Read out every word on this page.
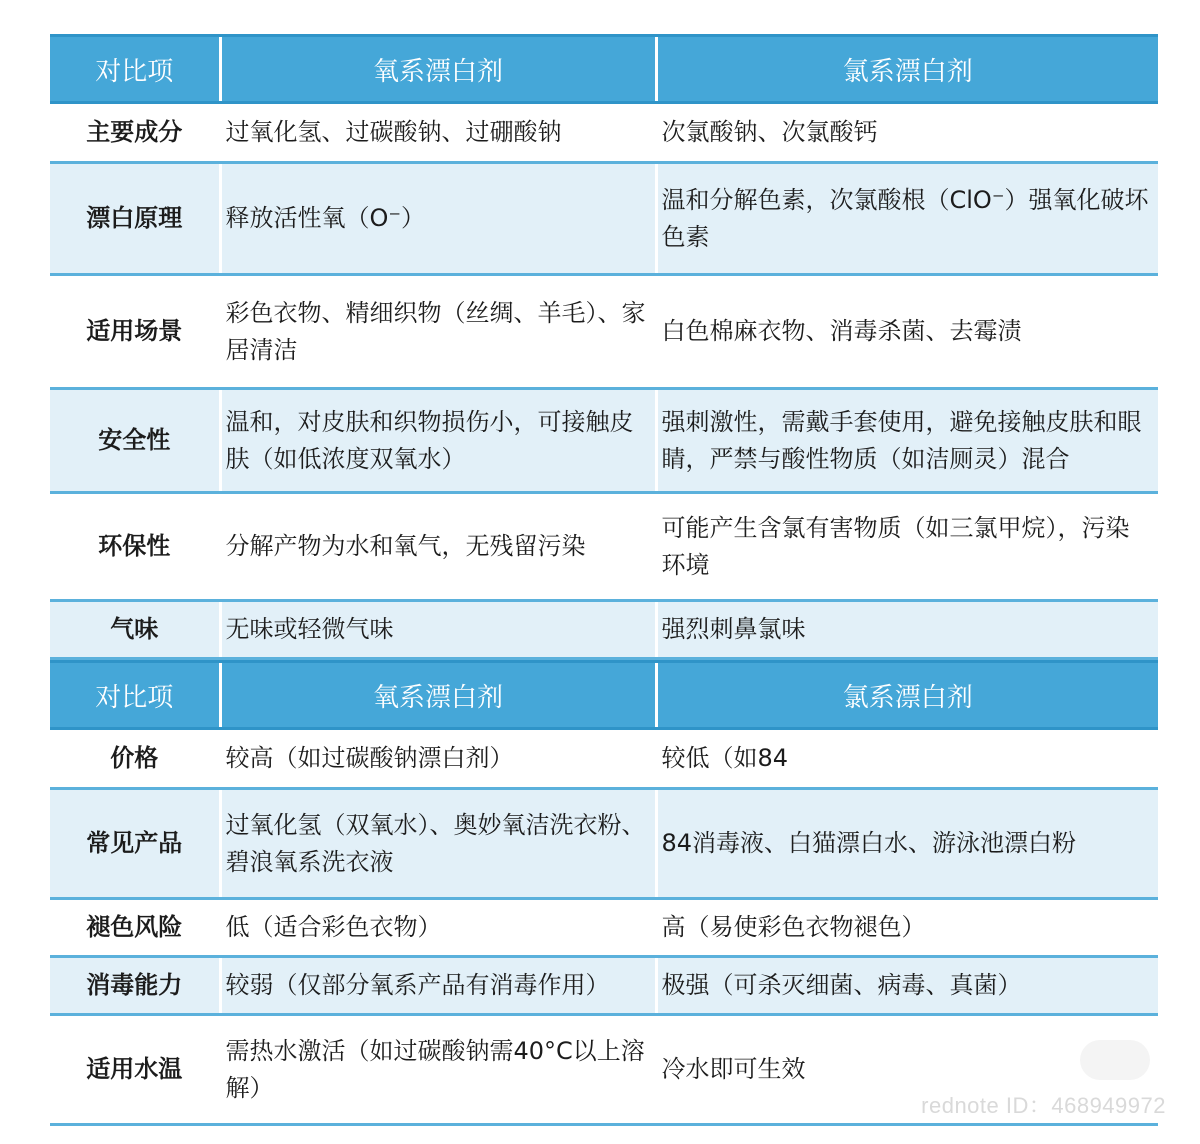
对比项	氧系漂白剂	氯系漂白剂
主要成分	过氧化氢、过碳酸钠、过硼酸钠	次氯酸钠、次氯酸钙
漂白原理	释放活性氧（O⁻）	温和分解色素，次氯酸根（ClO⁻）强氧化破坏色素
适用场景	彩色衣物、精细织物（丝绸、羊毛）、家居清洁	白色棉麻衣物、消毒杀菌、去霉渍
安全性	温和，对皮肤和织物损伤小，可接触皮肤（如低浓度双氧水）	强刺激性，需戴手套使用，避免接触皮肤和眼睛，严禁与酸性物质（如洁厕灵）混合
环保性	分解产物为水和氧气，无残留污染	可能产生含氯有害物质（如三氯甲烷），污染环境
气味	无味或轻微气味	强烈刺鼻氯味
对比项	氧系漂白剂	氯系漂白剂
价格	较高（如过碳酸钠漂白剂）	较低（如84
常见产品	过氧化氢（双氧水）、奥妙氧洁洗衣粉、碧浪氧系洗衣液	84消毒液、白猫漂白水、游泳池漂白粉
褪色风险	低（适合彩色衣物）	高（易使彩色衣物褪色）
消毒能力	较弱（仅部分氧系产品有消毒作用）	极强（可杀灭细菌、病毒、真菌）
适用水温	需热水激活（如过碳酸钠需40°C以上溶解）	冷水即可生效
rednote ID：468949972
